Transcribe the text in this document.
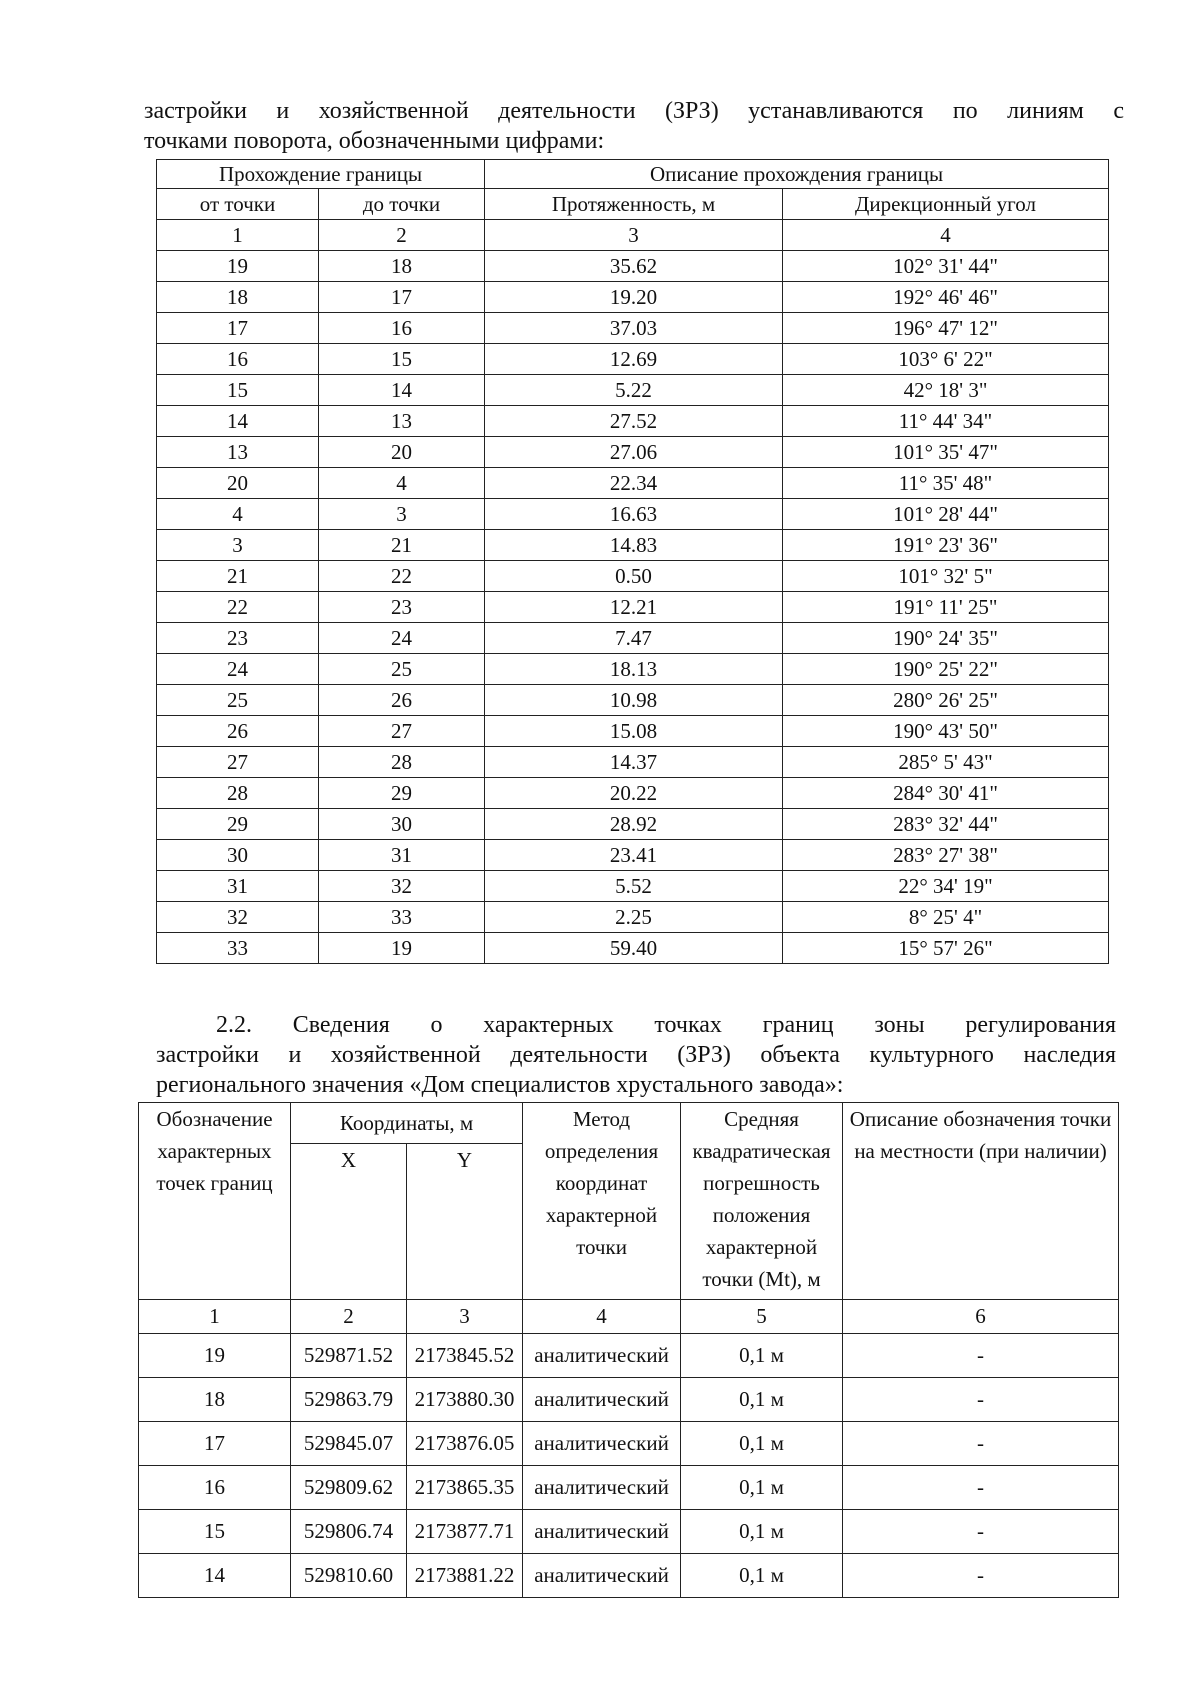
застройки и хозяйственной деятельности (ЗРЗ) устанавливаются по линиям с
точками поворота, обозначенными цифрами:
Прохождение границы		Описание прохождения границы	
от точки	до точки	Протяженность, м	Дирекционный угол
1	2	3	4
19	18	35.62	102° 31' 44"
18	17	19.20	192° 46' 46"
17	16	37.03	196° 47' 12"
16	15	12.69	103° 6' 22"
15	14	5.22	42° 18' 3"
14	13	27.52	11° 44' 34"
13	20	27.06	101° 35' 47"
20	4	22.34	11° 35' 48"
4	3	16.63	101° 28' 44"
3	21	14.83	191° 23' 36"
21	22	0.50	101° 32' 5"
22	23	12.21	191° 11' 25"
23	24	7.47	190° 24' 35"
24	25	18.13	190° 25' 22"
25	26	10.98	280° 26' 25"
26	27	15.08	190° 43' 50"
27	28	14.37	285° 5' 43"
28	29	20.22	284° 30' 41"
29	30	28.92	283° 32' 44"
30	31	23.41	283° 27' 38"
31	32	5.52	22° 34' 19"
32	33	2.25	8° 25' 4"
33	19	59.40	15° 57' 26"
2.2. Сведения о характерных точках границ зоны регулирования
застройки и хозяйственной деятельности (ЗРЗ) объекта культурного наследия
регионального значения «Дом специалистов хрустального завода»:
Обозначение характерных точек границ	Координаты, м		Метод определения координат характерной точки	Средняя квадратическая погрешность положения характерной точки (Mt), м	Описание обозначения точки на местности (при наличии)
	X	Y			
1	2	3	4	5	6
19	529871.52	2173845.52	аналитический	0,1 м	-
18	529863.79	2173880.30	аналитический	0,1 м	-
17	529845.07	2173876.05	аналитический	0,1 м	-
16	529809.62	2173865.35	аналитический	0,1 м	-
15	529806.74	2173877.71	аналитический	0,1 м	-
14	529810.60	2173881.22	аналитический	0,1 м	-
